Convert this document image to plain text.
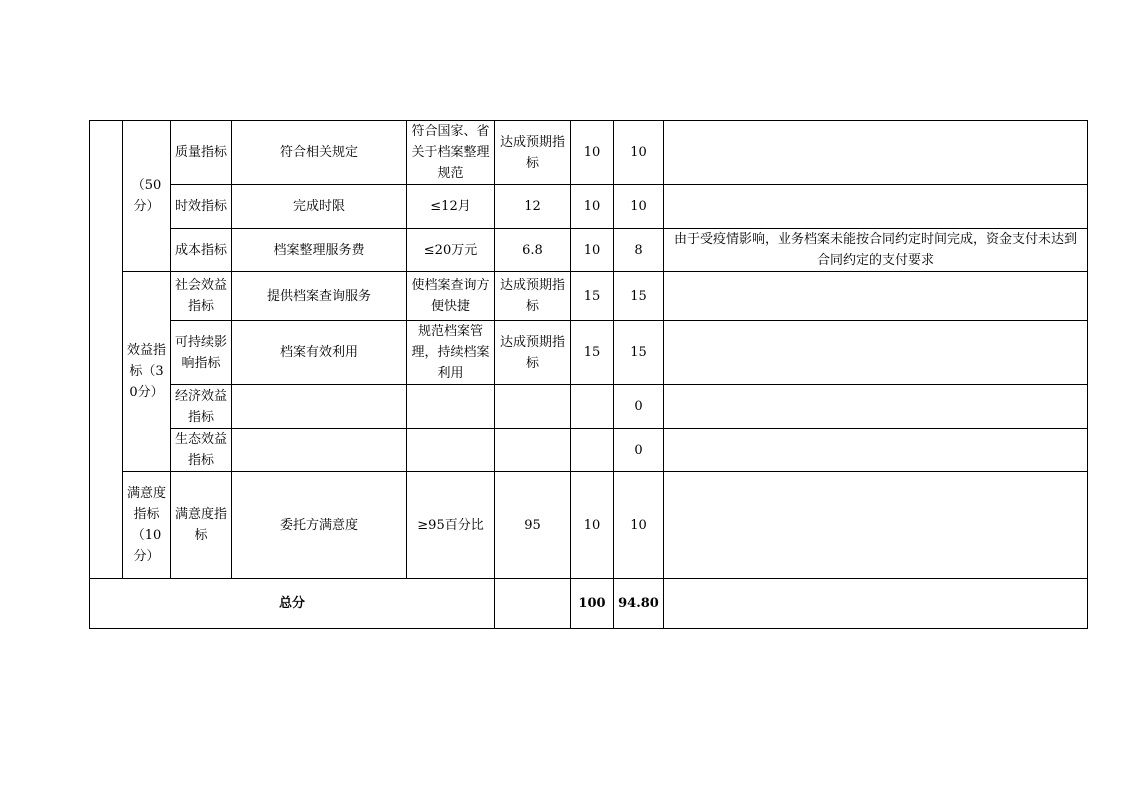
	（50分）	质量指标	符合相关规定	符合国家、省关于档案整理规范	达成预期指标	10	10	
		时效指标	完成时限	≤12月	12	10	10	
		成本指标	档案整理服务费	≤20万元	6.8	10	8	由于受疫情影响，业务档案未能按合同约定时间完成，资金支付未达到合同约定的支付要求
	效益指标（30分）	社会效益指标	提供档案查询服务	使档案查询方便快捷	达成预期指标	15	15	
		可持续影响指标	档案有效利用	规范档案管理，持续档案利用	达成预期指标	15	15	
		经济效益指标					0	
		生态效益指标					0	
	满意度指标（10分）	满意度指标	委托方满意度	≥95百分比	95	10	10	
总分						100	94.80	
